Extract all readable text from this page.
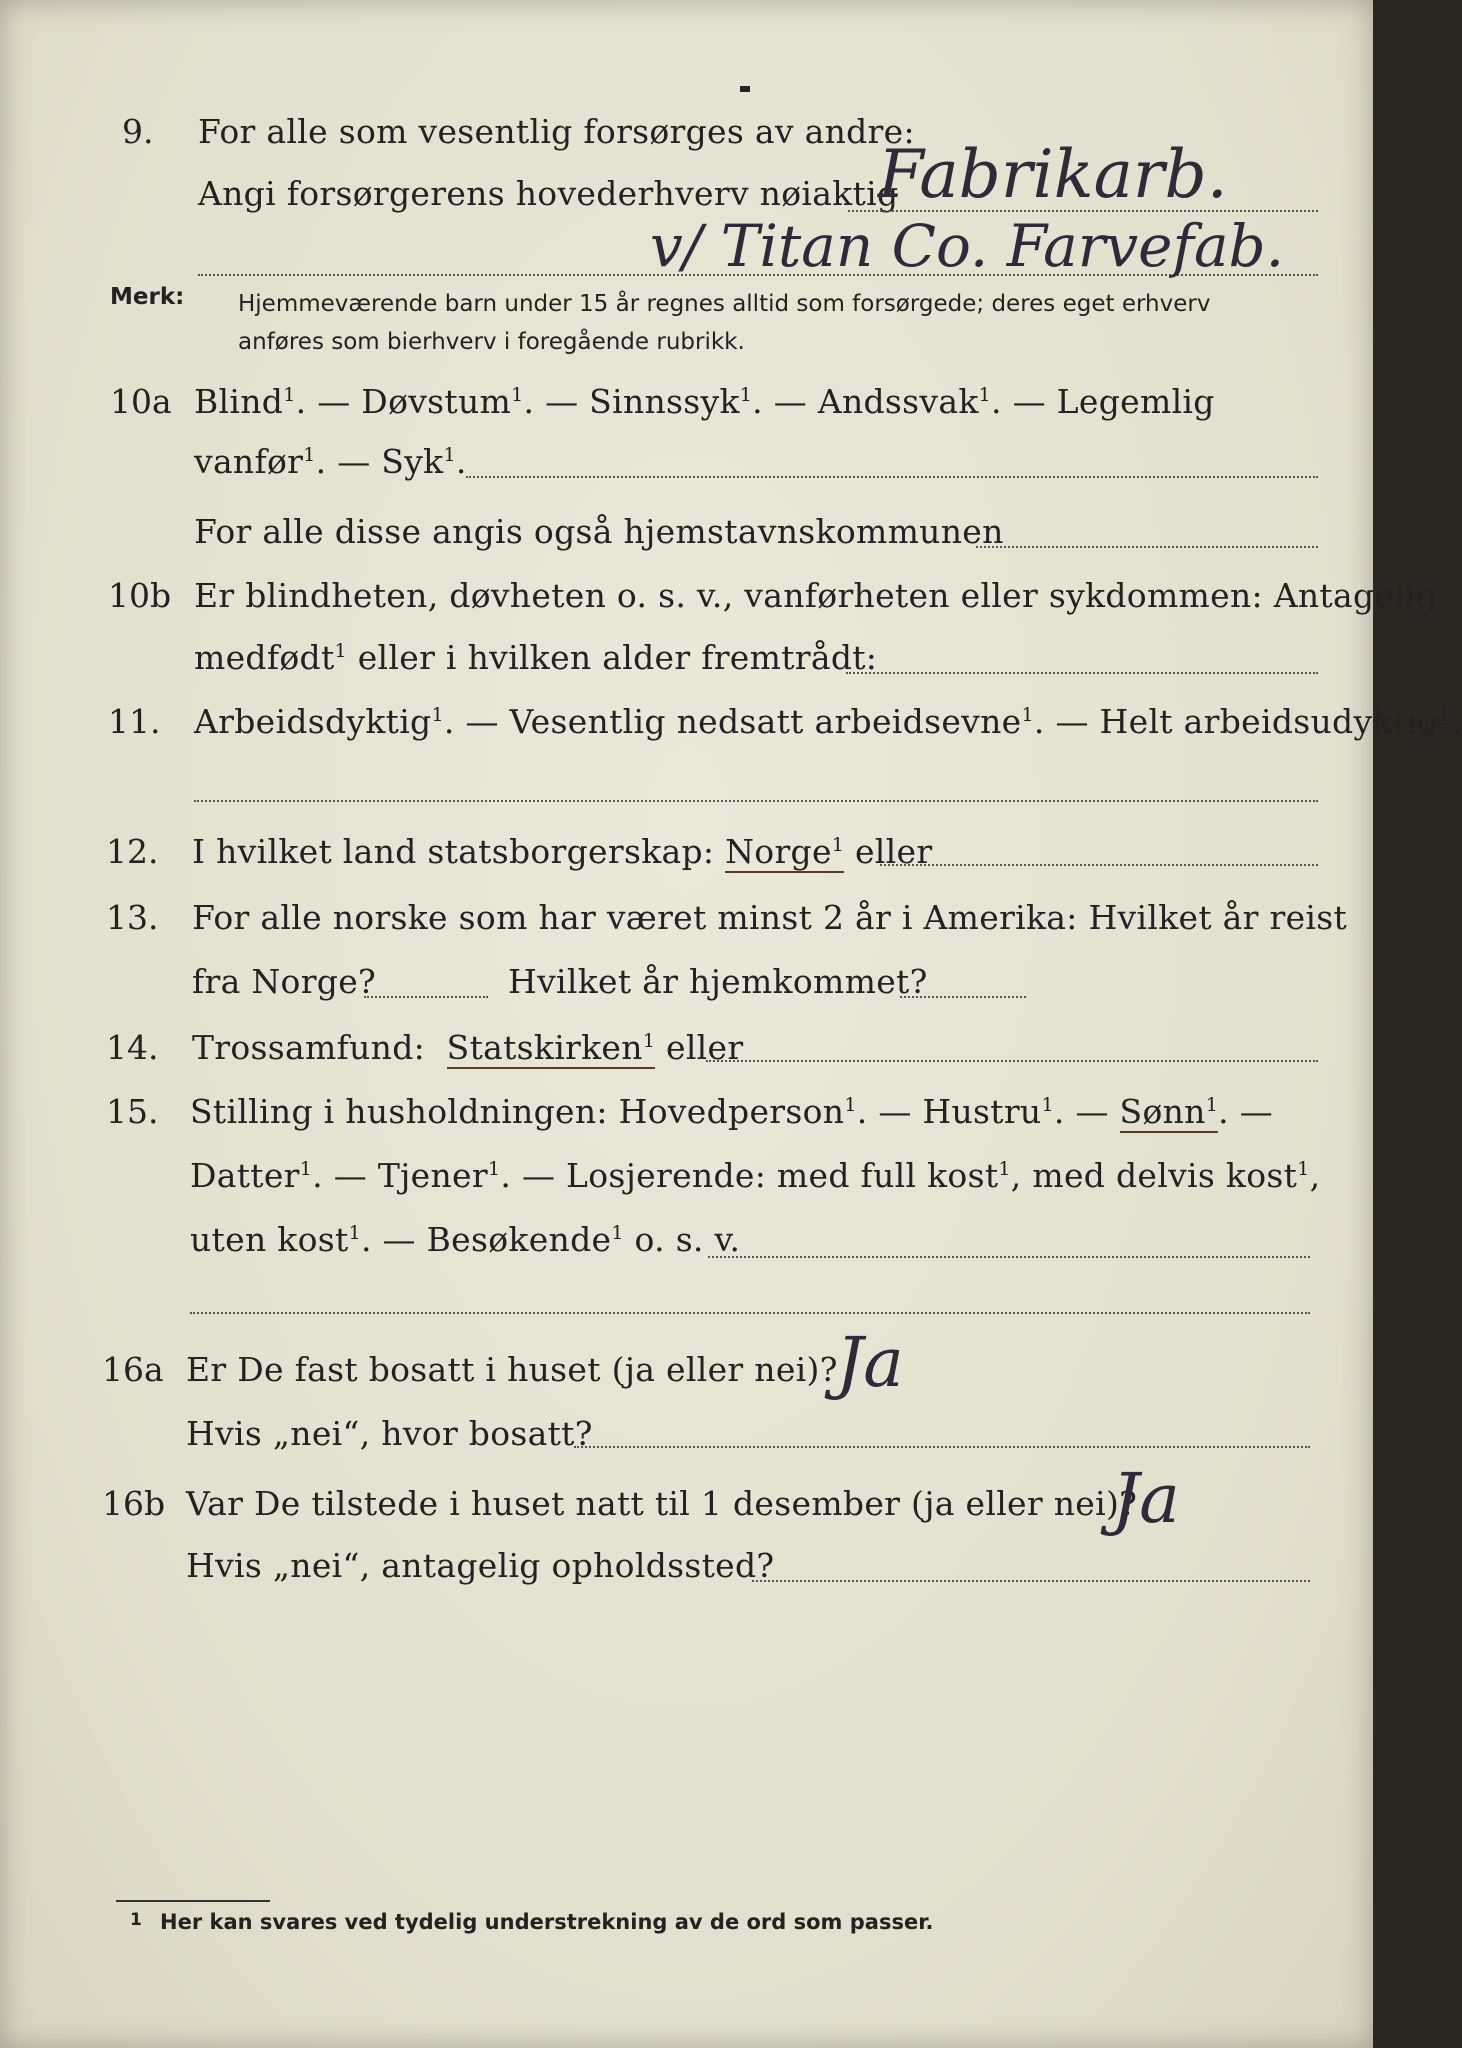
9. For alle som vesentlig forsørges av andre:
Angi forsørgerens hovederhverv nøiaktig
Fabrikarb.
v/ Titan Co. Farvefab.
Merk: Hjemmeværende barn under 15 år regnes alltid som forsørgede; deres eget erhverv
anføres som bierhverv i foregående rubrikk.
10a Blind$^1$. — Døvstum$^1$. — Sinnssyk$^1$. — Andssvak$^1$. — Legemlig
vanfør$^1$. — Syk$^1$.
For alle disse angis også hjemstavnskommunen
10b Er blindheten, døvheten o. s. v., vanførheten eller sykdommen: Antagelig
medfødt$^1$ eller i hvilken alder fremtrådt:
11. Arbeidsdyktig$^1$. — Vesentlig nedsatt arbeidsevne$^1$. — Helt arbeidsudyktig$^1$.
12. I hvilket land statsborgerskap: Norge$^1$ eller
13. For alle norske som har været minst 2 år i Amerika: Hvilket år reist
fra Norge?	Hvilket år hjemkommet?
14. Trossamfund: Statskirken$^1$ eller
15. Stilling i husholdningen: Hovedperson$^1$. — Hustru$^1$. — Sønn$^1$. —
Datter$^1$. — Tjener$^1$. — Losjerende: med full kost$^1$, med delvis kost$^1$,
uten kost$^1$. — Besøkende$^1$ o. s. v.
16a Er De fast bosatt i huset (ja eller nei)?
Ja
Hvis „nei“, hvor bosatt?
16b Var De tilstede i huset natt til 1 desember (ja eller nei)?
Ja
Hvis „nei“, antagelig opholdssted?
1 Her kan svares ved tydelig understrekning av de ord som passer.
